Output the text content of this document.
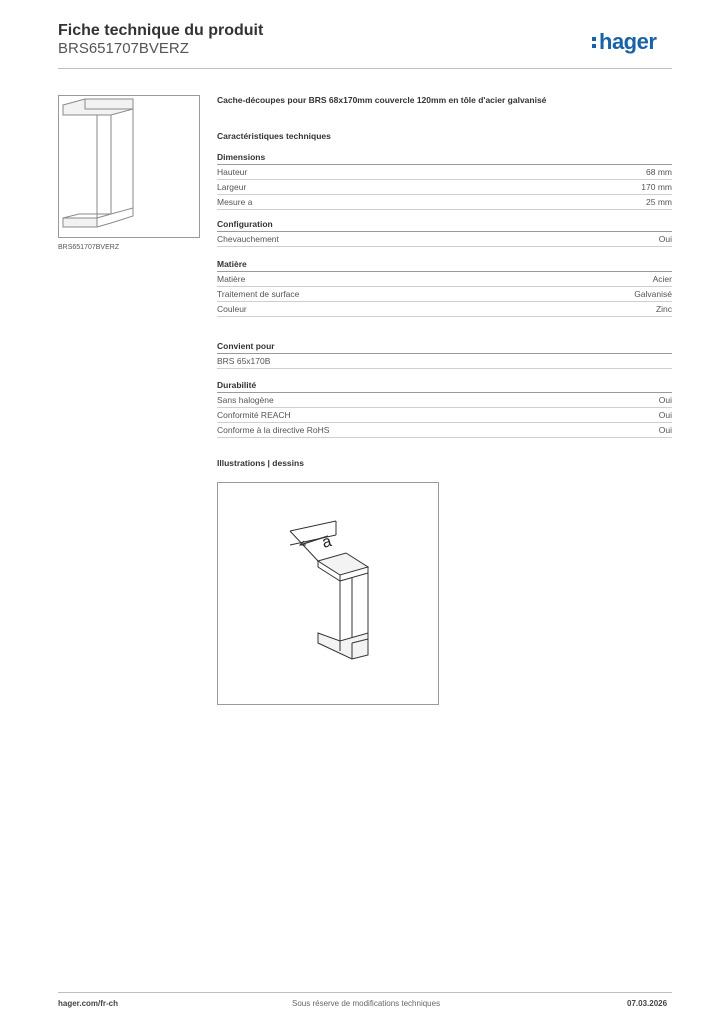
Fiche technique du produit
BRS651707BVERZ	hager
BRS651707BVERZ
Cache-découpes pour BRS 68x170mm couvercle 120mm en tôle d'acier galvanisé
Caractéristiques techniques
Dimensions
Hauteur	68 mm
Largeur	170 mm
Mesure a	25 mm
Configuration
Chevauchement	Oui
Matière
Matière	Acier
Traitement de surface	Galvanisé
Couleur	Zinc
Convient pour
BRS 65x170B
Durabilité
Sans halogène	Oui
Conformité REACH	Oui
Conforme à la directive RoHS	Oui
Illustrations | dessins
a
hager.com/fr-ch	Sous réserve de modifications techniques	07.03.2026
